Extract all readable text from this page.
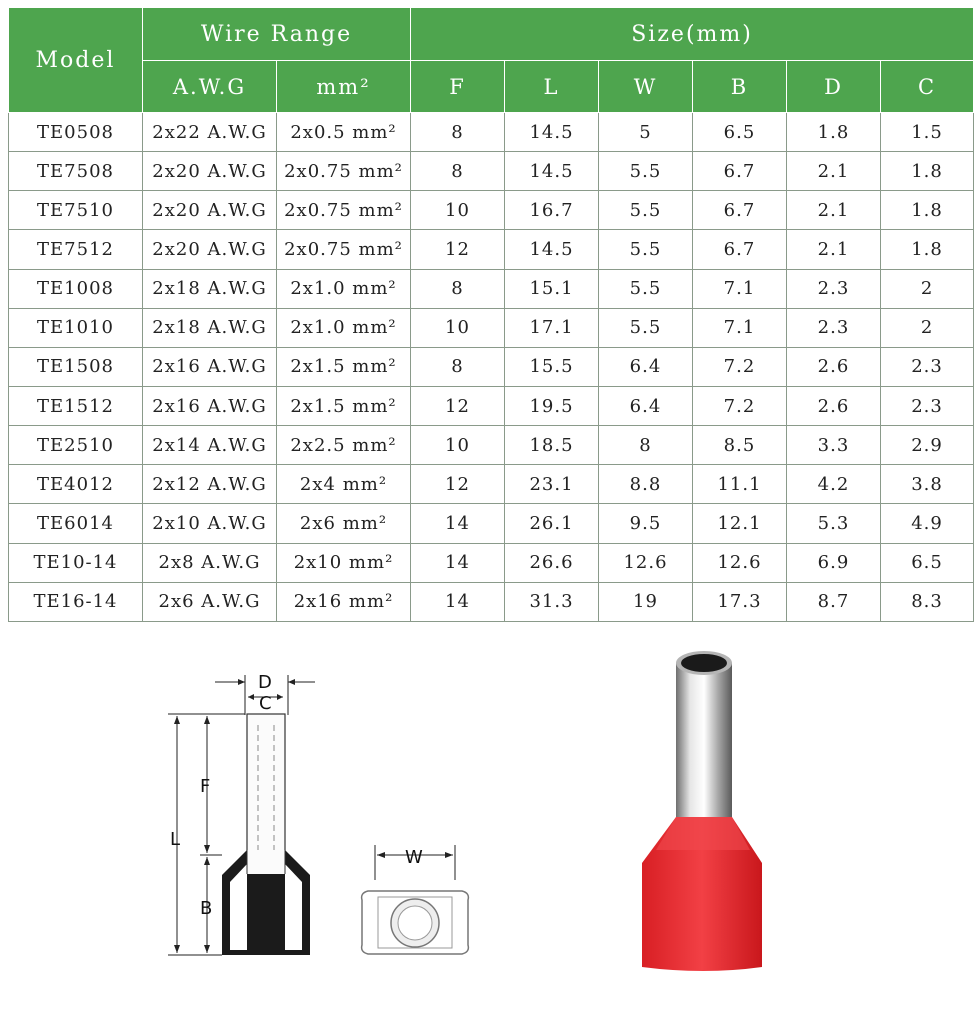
Model	Wire Range		Size(mm)					
	A.W.G	mm²	F	L	W	B	D	C
TE0508	2x22 A.W.G	2x0.5 mm²	8	14.5	5	6.5	1.8	1.5
TE7508	2x20 A.W.G	2x0.75 mm²	8	14.5	5.5	6.7	2.1	1.8
TE7510	2x20 A.W.G	2x0.75 mm²	10	16.7	5.5	6.7	2.1	1.8
TE7512	2x20 A.W.G	2x0.75 mm²	12	14.5	5.5	6.7	2.1	1.8
TE1008	2x18 A.W.G	2x1.0 mm²	8	15.1	5.5	7.1	2.3	2
TE1010	2x18 A.W.G	2x1.0 mm²	10	17.1	5.5	7.1	2.3	2
TE1508	2x16 A.W.G	2x1.5 mm²	8	15.5	6.4	7.2	2.6	2.3
TE1512	2x16 A.W.G	2x1.5 mm²	12	19.5	6.4	7.2	2.6	2.3
TE2510	2x14 A.W.G	2x2.5 mm²	10	18.5	8	8.5	3.3	2.9
TE4012	2x12 A.W.G	2x4 mm²	12	23.1	8.8	11.1	4.2	3.8
TE6014	2x10 A.W.G	2x6 mm²	14	26.1	9.5	12.1	5.3	4.9
TE10-14	2x8 A.W.G	2x10 mm²	14	26.6	12.6	12.6	6.9	6.5
TE16-14	2x6 A.W.G	2x16 mm²	14	31.3	19	17.3	8.7	8.3
D
C
L
F
B
W
